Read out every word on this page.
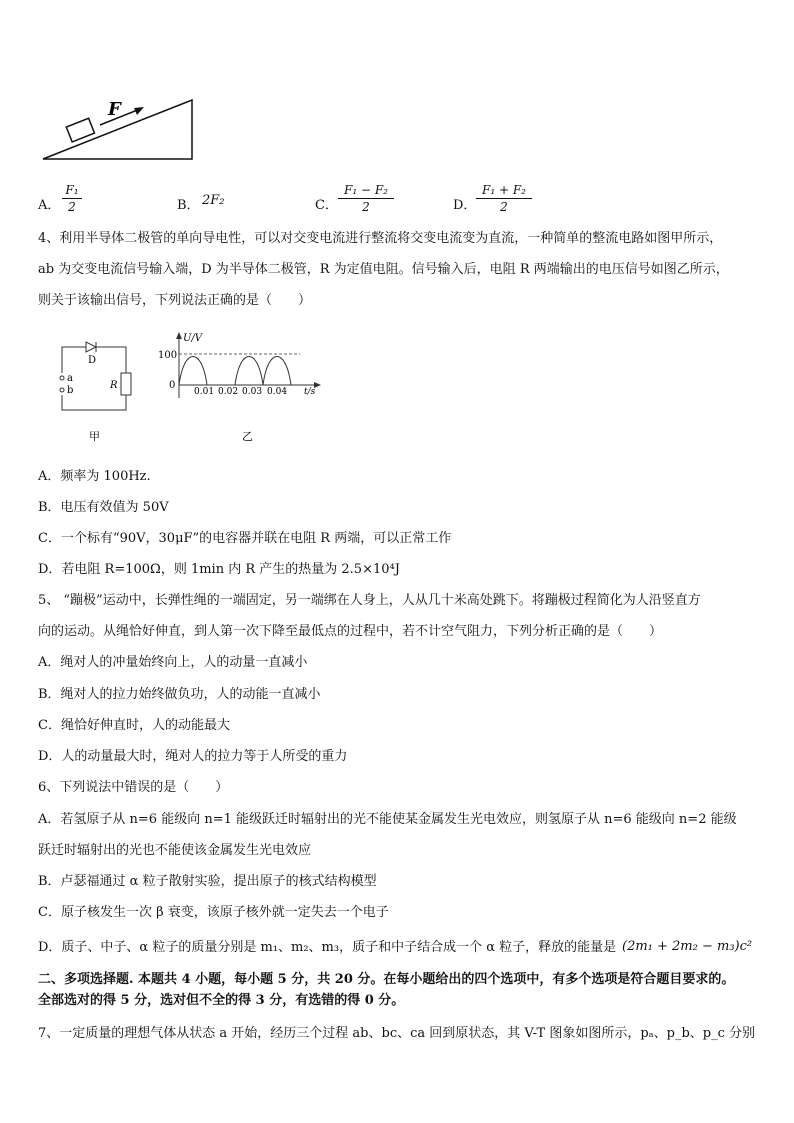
F
A．
F₁
2	B． 2F₂	C．
F₁ − F₂
2	D．
F₁ + F₂
2
4、利用半导体二极管的单向导电性，可以对交变电流进行整流将交变电流变为直流，一种简单的整流电路如图甲所示，
ab 为交变电流信号输入端，D 为半导体二极管，R 为定值电阻。信号输入后，电阻 R 两端输出的电压信号如图乙所示，
则关于该输出信号，下列说法正确的是（　　）
D
R
a
b
甲
U/V
100
0
0.01 0.02 0.03 0.04 t/s
乙
A．频率为 100Hz.
B．电压有效值为 50V
C．一个标有“90V，30μF”的电容器并联在电阻 R 两端，可以正常工作
D．若电阻 R=100Ω，则 1min 内 R 产生的热量为 2.5×10⁴J
5、 “蹦极”运动中，长弹性绳的一端固定，另一端绑在人身上，人从几十米高处跳下。将蹦极过程简化为人沿竖直方
向的运动。从绳恰好伸直，到人第一次下降至最低点的过程中，若不计空气阻力，下列分析正确的是（　　）
A．绳对人的冲量始终向上，人的动量一直减小
B．绳对人的拉力始终做负功，人的动能一直减小
C．绳恰好伸直时，人的动能最大
D．人的动量最大时，绳对人的拉力等于人所受的重力
6、下列说法中错误的是（　　）
A．若氢原子从 n=6 能级向 n=1 能级跃迁时辐射出的光不能使某金属发生光电效应，则氢原子从 n=6 能级向 n=2 能级
跃迁时辐射出的光也不能使该金属发生光电效应
B．卢瑟福通过 α 粒子散射实验，提出原子的核式结构模型
C．原子核发生一次 β 衰变，该原子核外就一定失去一个电子
D．质子、中子、α 粒子的质量分别是 m₁、m₂、m₃，质子和中子结合成一个 α 粒子，释放的能量是 (2m₁ + 2m₂ − m₃)c²
二、多项选择题. 本题共 4 小题，每小题 5 分，共 20 分。在每小题给出的四个选项中，有多个选项是符合题目要求的。
全部选对的得 5 分，选对但不全的得 3 分，有选错的得 0 分。
7、一定质量的理想气体从状态 a 开始，经历三个过程 ab、bc、ca 回到原状态，其 V-T 图象如图所示，pₐ、p_b、p_c 分别
